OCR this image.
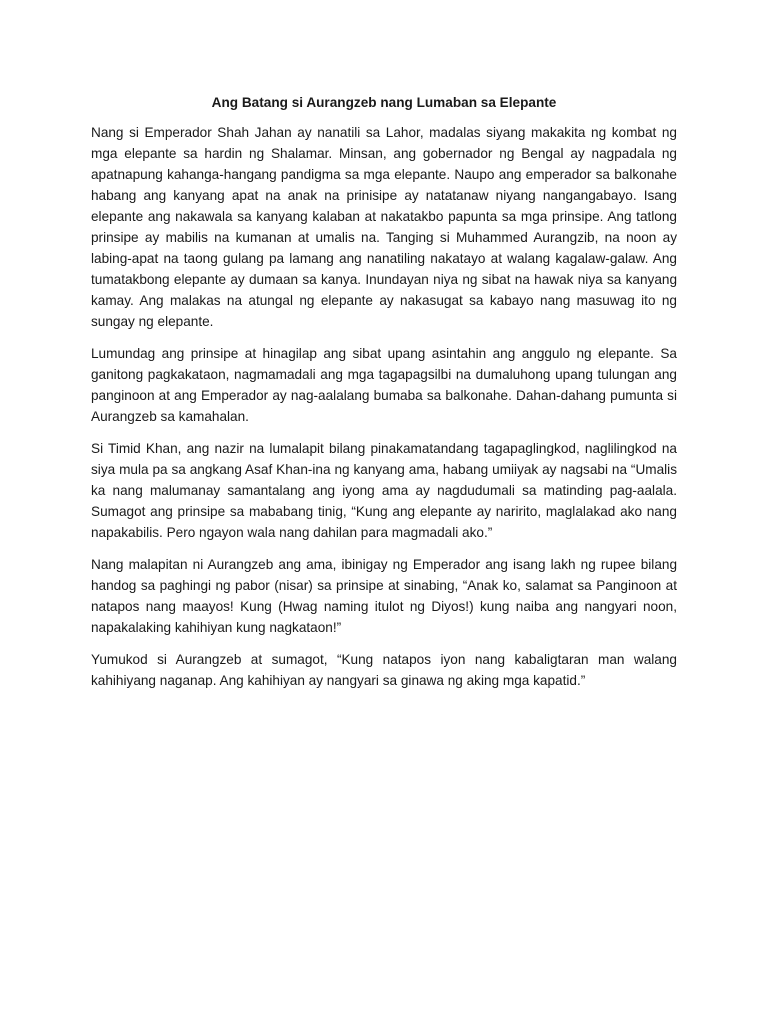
Ang Batang si Aurangzeb nang Lumaban sa Elepante

Nang si Emperador Shah Jahan ay nanatili sa Lahor, madalas siyang makakita ng kombat ng mga elepante sa hardin ng Shalamar. Minsan, ang gobernador ng Bengal ay nagpadala ng apatnapung kahanga-hangang pandigma sa mga elepante. Naupo ang emperador sa balkonahe habang ang kanyang apat na anak na prinisipe ay natatanaw niyang nangangabayo. Isang elepante ang nakawala sa kanyang kalaban at nakatakbo papunta sa mga prinsipe. Ang tatlong prinsipe ay mabilis na kumanan at umalis na. Tanging si Muhammed Aurangzib, na noon ay labing-apat na taong gulang pa lamang ang nanatiling nakatayo at walang kagalaw-galaw. Ang tumatakbong elepante ay dumaan sa kanya. Inundayan niya ng sibat na hawak niya sa kanyang kamay. Ang malakas na atungal ng elepante ay nakasugat sa kabayo nang masuwag ito ng sungay ng elepante.

Lumundag ang prinsipe at hinagilap ang sibat upang asintahin ang anggulo ng elepante. Sa ganitong pagkakataon, nagmamadali ang mga tagapagsilbi na dumaluhong upang tulungan ang panginoon at ang Emperador ay nag-aalalang bumaba sa balkonahe. Dahan-dahang pumunta si Aurangzeb sa kamahalan.

Si Timid Khan, ang nazir na lumalapit bilang pinakamatandang tagapaglingkod, naglilingkod na siya mula pa sa angkang Asaf Khan-ina ng kanyang ama, habang umiiyak ay nagsabi na “Umalis ka nang malumanay samantalang ang iyong ama ay nagdudumali sa matinding pag-aalala. Sumagot ang prinsipe sa mababang tinig, “Kung ang elepante ay naririto, maglalakad ako nang napakabilis. Pero ngayon wala nang dahilan para magmadali ako.”

Nang malapitan ni Aurangzeb ang ama, ibinigay ng Emperador ang isang lakh ng rupee bilang handog sa paghingi ng pabor (nisar) sa prinsipe at sinabing, “Anak ko, salamat sa Panginoon at natapos nang maayos! Kung (Hwag naming itulot ng Diyos!) kung naiba ang nangyari noon, napakalaking kahihiyan kung nagkataon!”

Yumukod si Aurangzeb at sumagot, “Kung natapos iyon nang kabaligtaran man walang kahihiyang naganap. Ang kahihiyan ay nangyari sa ginawa ng aking mga kapatid.”
